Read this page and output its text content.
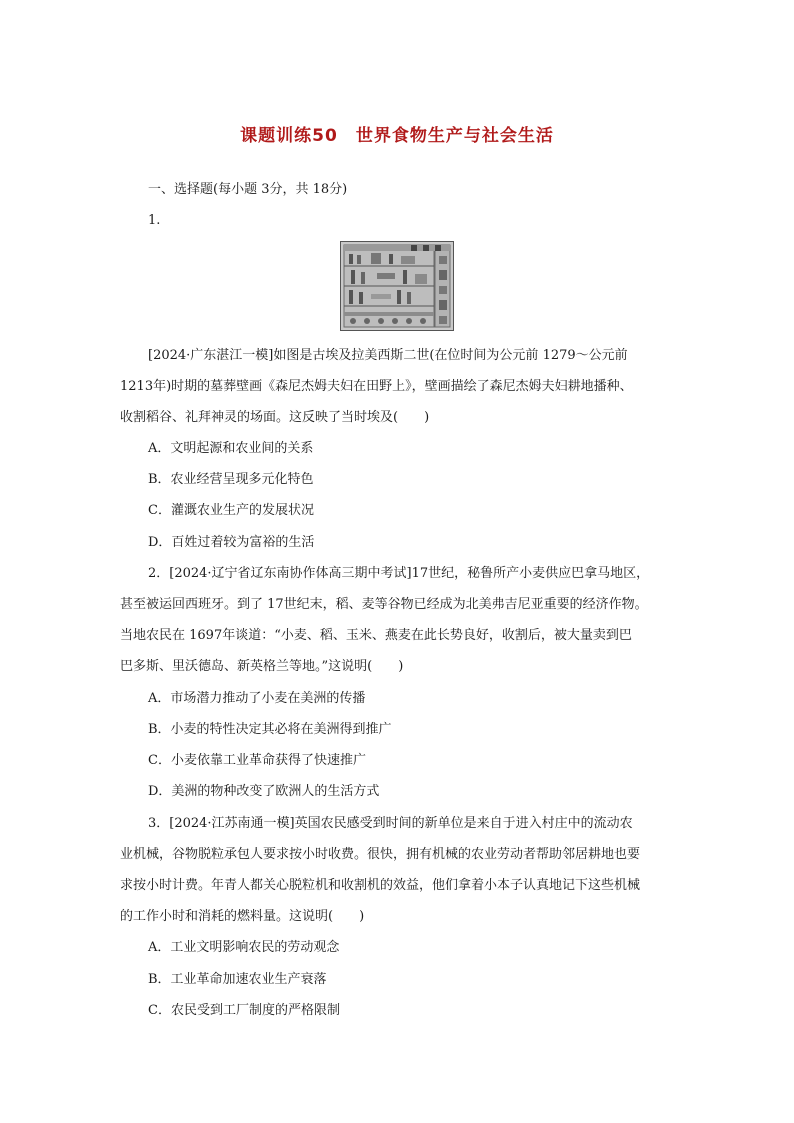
课题训练50　世界食物生产与社会生活
一、选择题(每小题 3分，共 18分)
1.
[2024·广东湛江一模]如图是古埃及拉美西斯二世(在位时间为公元前 1279～公元前
1213年)时期的墓葬壁画《森尼杰姆夫妇在田野上》，壁画描绘了森尼杰姆夫妇耕地播种、
收割稻谷、礼拜神灵的场面。这反映了当时埃及(　　)
A．文明起源和农业间的关系
B．农业经营呈现多元化特色
C．灌溉农业生产的发展状况
D．百姓过着较为富裕的生活
2．[2024·辽宁省辽东南协作体高三期中考试]17世纪，秘鲁所产小麦供应巴拿马地区，
甚至被运回西班牙。到了 17世纪末，稻、麦等谷物已经成为北美弗吉尼亚重要的经济作物。
当地农民在 1697年谈道：“小麦、稻、玉米、燕麦在此长势良好，收割后，被大量卖到巴
巴多斯、里沃德岛、新英格兰等地。”这说明(　　)
A．市场潜力推动了小麦在美洲的传播
B．小麦的特性决定其必将在美洲得到推广
C．小麦依靠工业革命获得了快速推广
D．美洲的物种改变了欧洲人的生活方式
3．[2024·江苏南通一模]英国农民感受到时间的新单位是来自于进入村庄中的流动农
业机械，谷物脱粒承包人要求按小时收费。很快，拥有机械的农业劳动者帮助邻居耕地也要
求按小时计费。年青人都关心脱粒机和收割机的效益，他们拿着小本子认真地记下这些机械
的工作小时和消耗的燃料量。这说明(　　)
A．工业文明影响农民的劳动观念
B．工业革命加速农业生产衰落
C．农民受到工厂制度的严格限制
